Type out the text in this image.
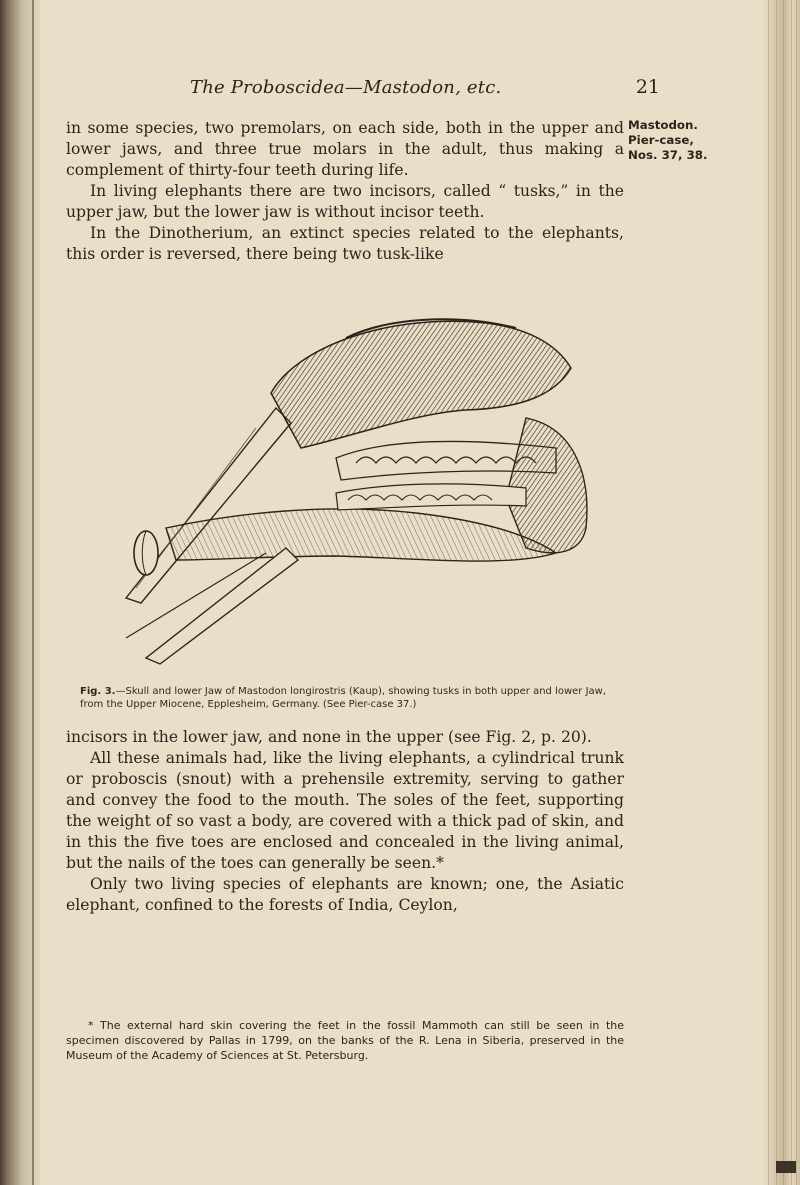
The Proboscidea—Mastodon, etc.	21
Mastodon.
Pier-case,
Nos. 37, 38.

in some species, two premolars, on each side, both in the upper and lower jaws, and three true molars in the adult, thus making a complement of thirty-four teeth during life.

In living elephants there are two incisors, called “ tusks,” in the upper jaw, but the lower jaw is without incisor teeth.

In the Dinotherium, an extinct species related to the elephants, this order is reversed, there being two tusk-like

Fig. 3.—Skull and lower Jaw of Mastodon longirostris (Kaup), showing tusks in both upper and lower Jaw, from the Upper Miocene, Epplesheim, Germany. (See Pier-case 37.)

incisors in the lower jaw, and none in the upper (see Fig. 2, p. 20).

All these animals had, like the living elephants, a cylindrical trunk or proboscis (snout) with a prehensile extremity, serving to gather and convey the food to the mouth. The soles of the feet, supporting the weight of so vast a body, are covered with a thick pad of skin, and in this the five toes are enclosed and concealed in the living animal, but the nails of the toes can generally be seen.*

Only two living species of elephants are known; one, the Asiatic elephant, confined to the forests of India, Ceylon,

* The external hard skin covering the feet in the fossil Mammoth can still be seen in the specimen discovered by Pallas in 1799, on the banks of the R. Lena in Siberia, preserved in the Museum of the Academy of Sciences at St. Petersburg.
